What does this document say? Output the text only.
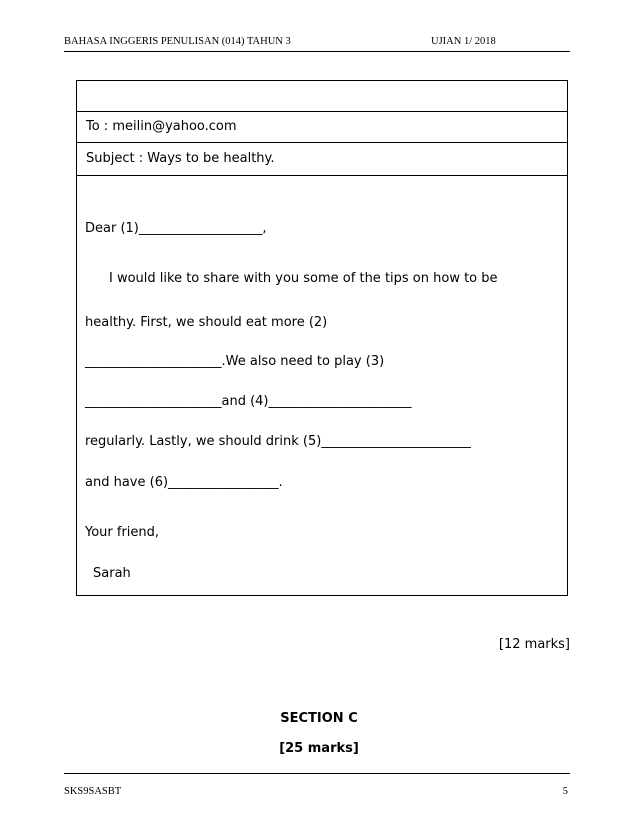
BAHASA INGGERIS PENULISAN (014) TAHUN 3	UJIAN 1/ 2018
To : meilin@yahoo.com
Subject : Ways to be healthy.
Dear (1)___________________,
I would like to share with you some of the tips on how to be
healthy. First, we should eat more (2)
_____________________.We also need to play (3)
_____________________and (4)______________________
regularly. Lastly, we should drink (5)_______________________
and have (6)_________________.
Your friend,
Sarah
[12 marks]
SECTION C
[25 marks]
SKS9SASBT	5
